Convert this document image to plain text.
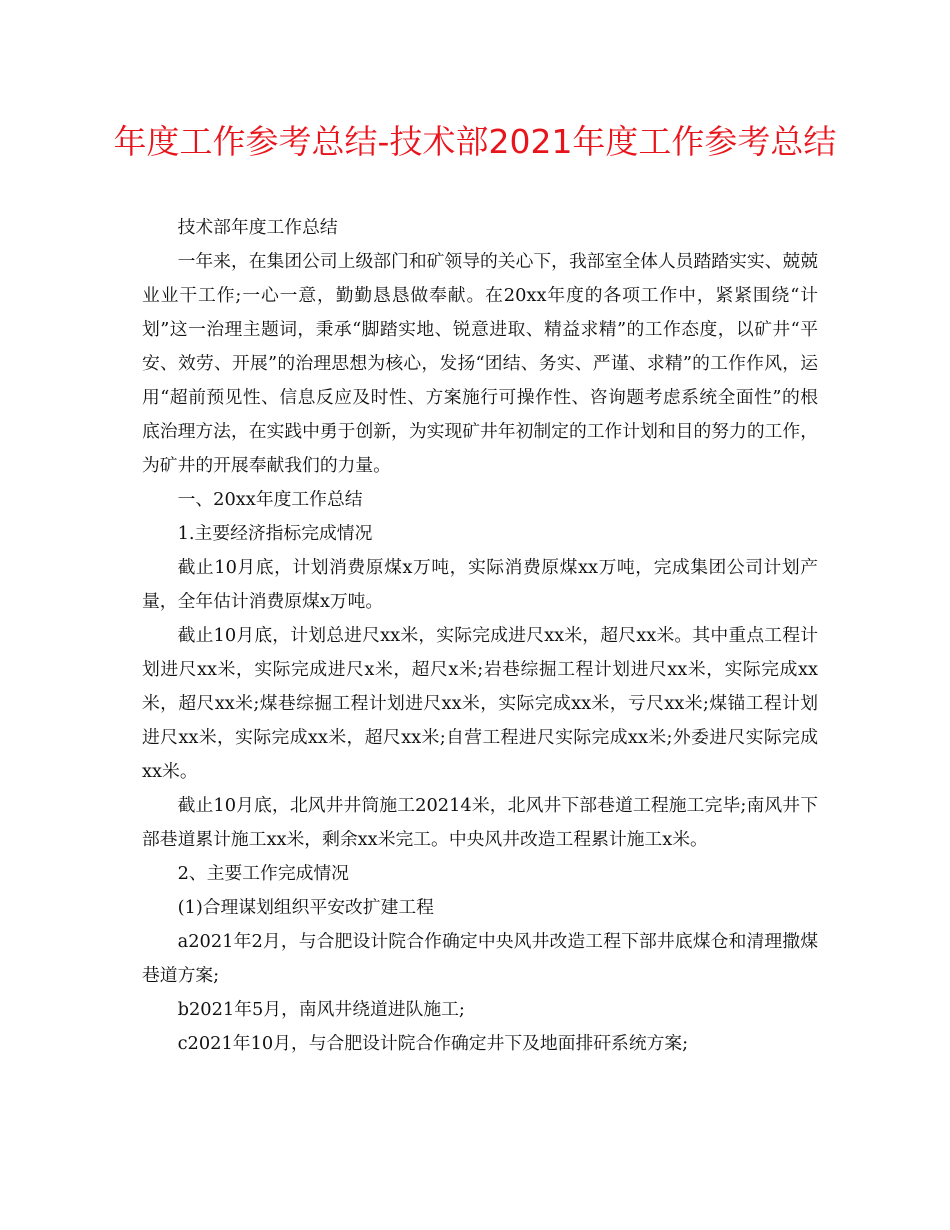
年度工作参考总结-技术部2021年度工作参考总结

技术部年度工作总结

一年来，在集团公司上级部门和矿领导的关心下，我部室全体人员踏踏实实、兢兢业业干工作;一心一意，勤勤恳恳做奉献。在20xx年度的各项工作中，紧紧围绕“计划”这一治理主题词，秉承“脚踏实地、锐意进取、精益求精”的工作态度，以矿井“平安、效劳、开展”的治理思想为核心，发扬“团结、务实、严谨、求精”的工作作风，运用“超前预见性、信息反应及时性、方案施行可操作性、咨询题考虑系统全面性”的根底治理方法，在实践中勇于创新，为实现矿井年初制定的工作计划和目的努力的工作，为矿井的开展奉献我们的力量。

一、20xx年度工作总结

1.主要经济指标完成情况

截止10月底，计划消费原煤x万吨，实际消费原煤xx万吨，完成集团公司计划产量，全年估计消费原煤x万吨。

截止10月底，计划总进尺xx米，实际完成进尺xx米，超尺xx米。其中重点工程计划进尺xx米，实际完成进尺x米，超尺x米;岩巷综掘工程计划进尺xx米，实际完成xx米，超尺xx米;煤巷综掘工程计划进尺xx米，实际完成xx米，亏尺xx米;煤锚工程计划进尺xx米，实际完成xx米，超尺xx米;自营工程进尺实际完成xx米;外委进尺实际完成xx米。

截止10月底，北风井井筒施工20214米，北风井下部巷道工程施工完毕;南风井下部巷道累计施工xx米，剩余xx米完工。中央风井改造工程累计施工x米。

2、主要工作完成情况

(1)合理谋划组织平安改扩建工程

a2021年2月，与合肥设计院合作确定中央风井改造工程下部井底煤仓和清理撒煤巷道方案;

b2021年5月，南风井绕道进队施工;

c2021年10月，与合肥设计院合作确定井下及地面排矸系统方案;
